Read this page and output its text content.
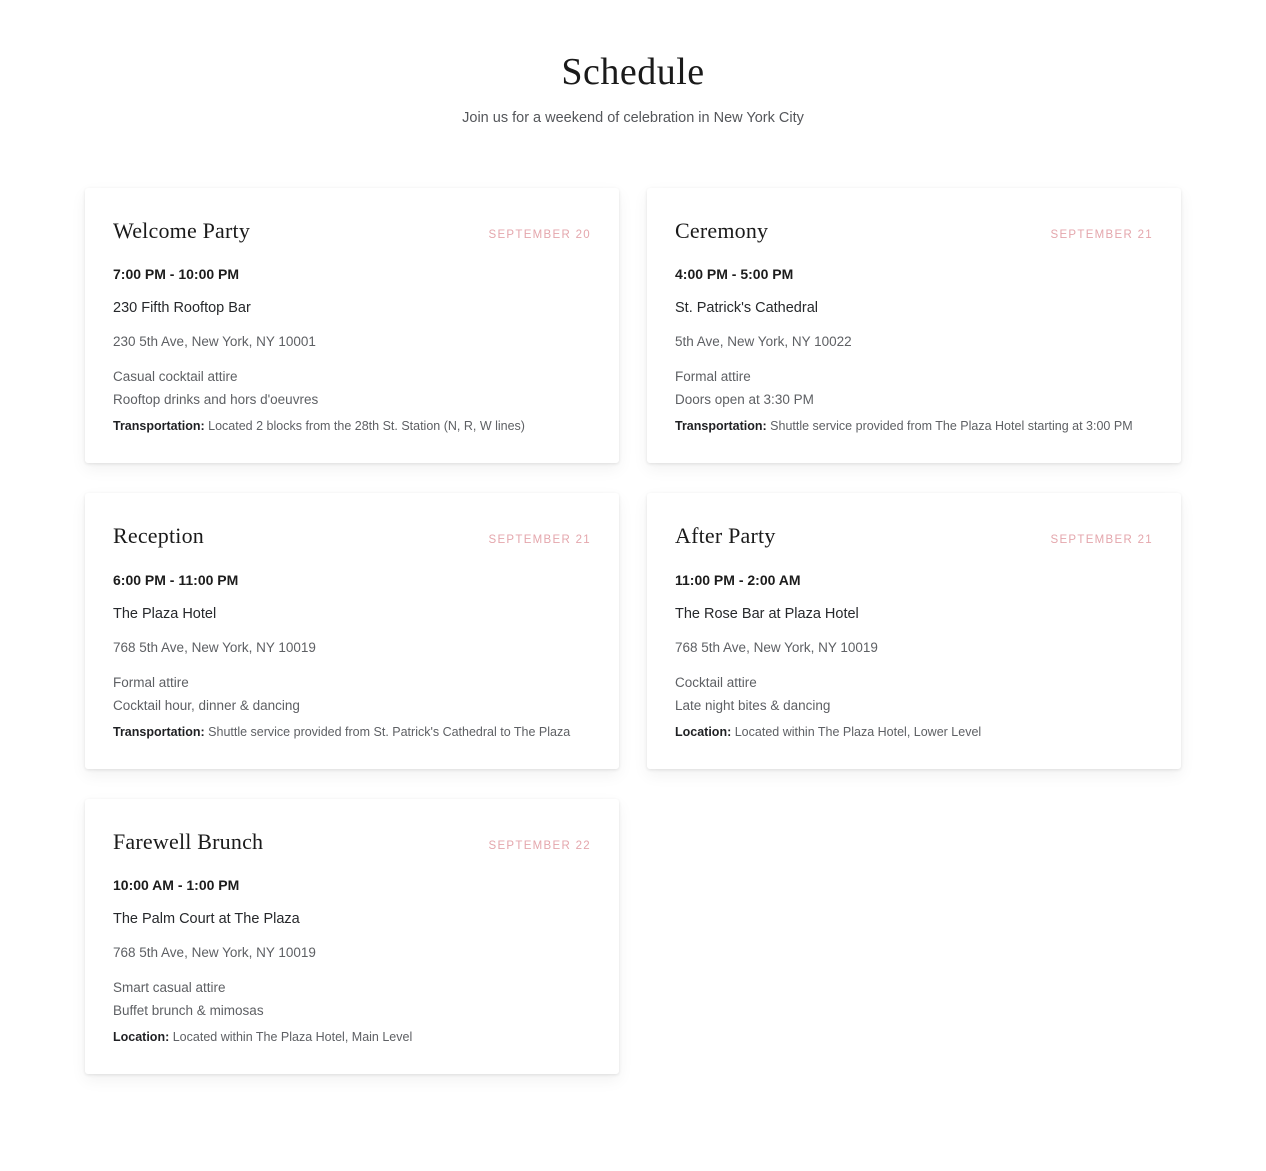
Schedule

Join us for a weekend of celebration in New York City

Welcome Party	SEPTEMBER 20
7:00 PM - 10:00 PM
230 Fifth Rooftop Bar
230 5th Ave, New York, NY 10001
Casual cocktail attire
Rooftop drinks and hors d'oeuvres
Transportation: Located 2 blocks from the 28th St. Station (N, R, W lines)
Ceremony	SEPTEMBER 21
4:00 PM - 5:00 PM
St. Patrick's Cathedral
5th Ave, New York, NY 10022
Formal attire
Doors open at 3:30 PM
Transportation: Shuttle service provided from The Plaza Hotel starting at 3:00 PM
Reception	SEPTEMBER 21
6:00 PM - 11:00 PM
The Plaza Hotel
768 5th Ave, New York, NY 10019
Formal attire
Cocktail hour, dinner & dancing
Transportation: Shuttle service provided from St. Patrick's Cathedral to The Plaza
After Party	SEPTEMBER 21
11:00 PM - 2:00 AM
The Rose Bar at Plaza Hotel
768 5th Ave, New York, NY 10019
Cocktail attire
Late night bites & dancing
Location: Located within The Plaza Hotel, Lower Level
Farewell Brunch	SEPTEMBER 22
10:00 AM - 1:00 PM
The Palm Court at The Plaza
768 5th Ave, New York, NY 10019
Smart casual attire
Buffet brunch & mimosas
Location: Located within The Plaza Hotel, Main Level
